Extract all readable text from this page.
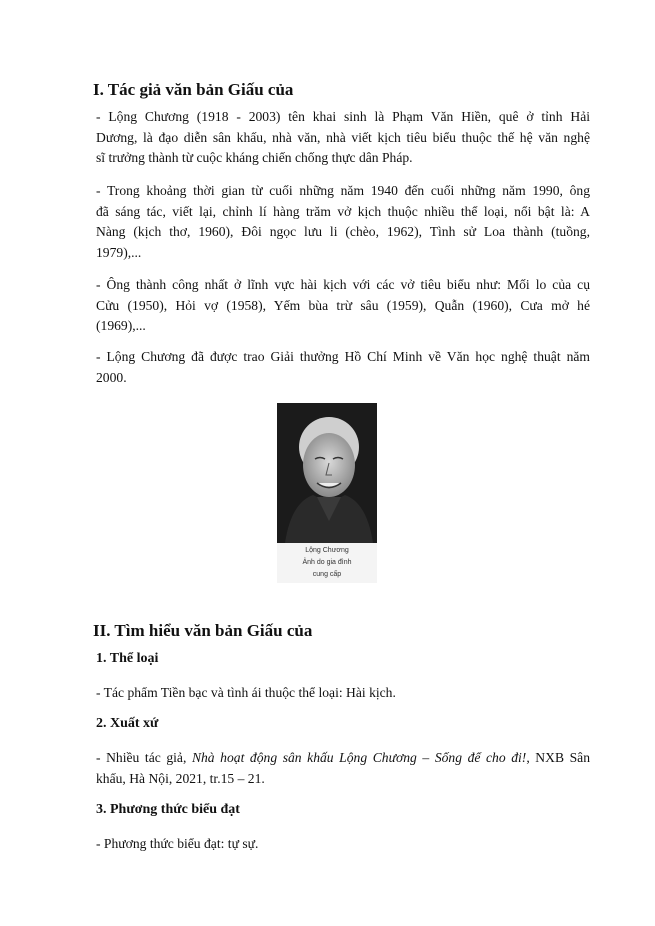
I. Tác giả văn bản Giấu của

- Lộng Chương (1918 - 2003) tên khai sinh là Phạm Văn Hiền, quê ở tỉnh Hải
Dương, là đạo diễn sân khấu, nhà văn, nhà viết kịch tiêu biểu thuộc thế hệ văn nghệ
sĩ trưởng thành từ cuộc kháng chiến chống thực dân Pháp.

- Trong khoảng thời gian từ cuối những năm 1940 đến cuối những năm 1990, ông
đã sáng tác, viết lại, chỉnh lí hàng trăm vở kịch thuộc nhiều thể loại, nổi bật là: A
Nàng (kịch thơ, 1960), Đôi ngọc lưu li (chèo, 1962), Tình sử Loa thành (tuồng,
1979),...

- Ông thành công nhất ở lĩnh vực hài kịch với các vở tiêu biểu như: Mối lo của cụ
Cửu (1950), Hỏi vợ (1958), Yếm bùa trừ sâu (1959), Quẫn (1960), Cưa mở hé
(1969),...

- Lộng Chương đã được trao Giải thưởng Hồ Chí Minh về Văn học nghệ thuật năm
2000.

Lộng Chương
Ảnh do gia đình
cung cấp
II. Tìm hiểu văn bản Giấu của
1. Thể loại

- Tác phẩm Tiền bạc và tình ái thuộc thể loại: Hài kịch.

2. Xuất xứ

- Nhiều tác giả, Nhà hoạt động sân khấu Lộng Chương – Sống để cho đi!, NXB Sân
khấu, Hà Nội, 2021, tr.15 – 21.

3. Phương thức biểu đạt

- Phương thức biểu đạt: tự sự.
